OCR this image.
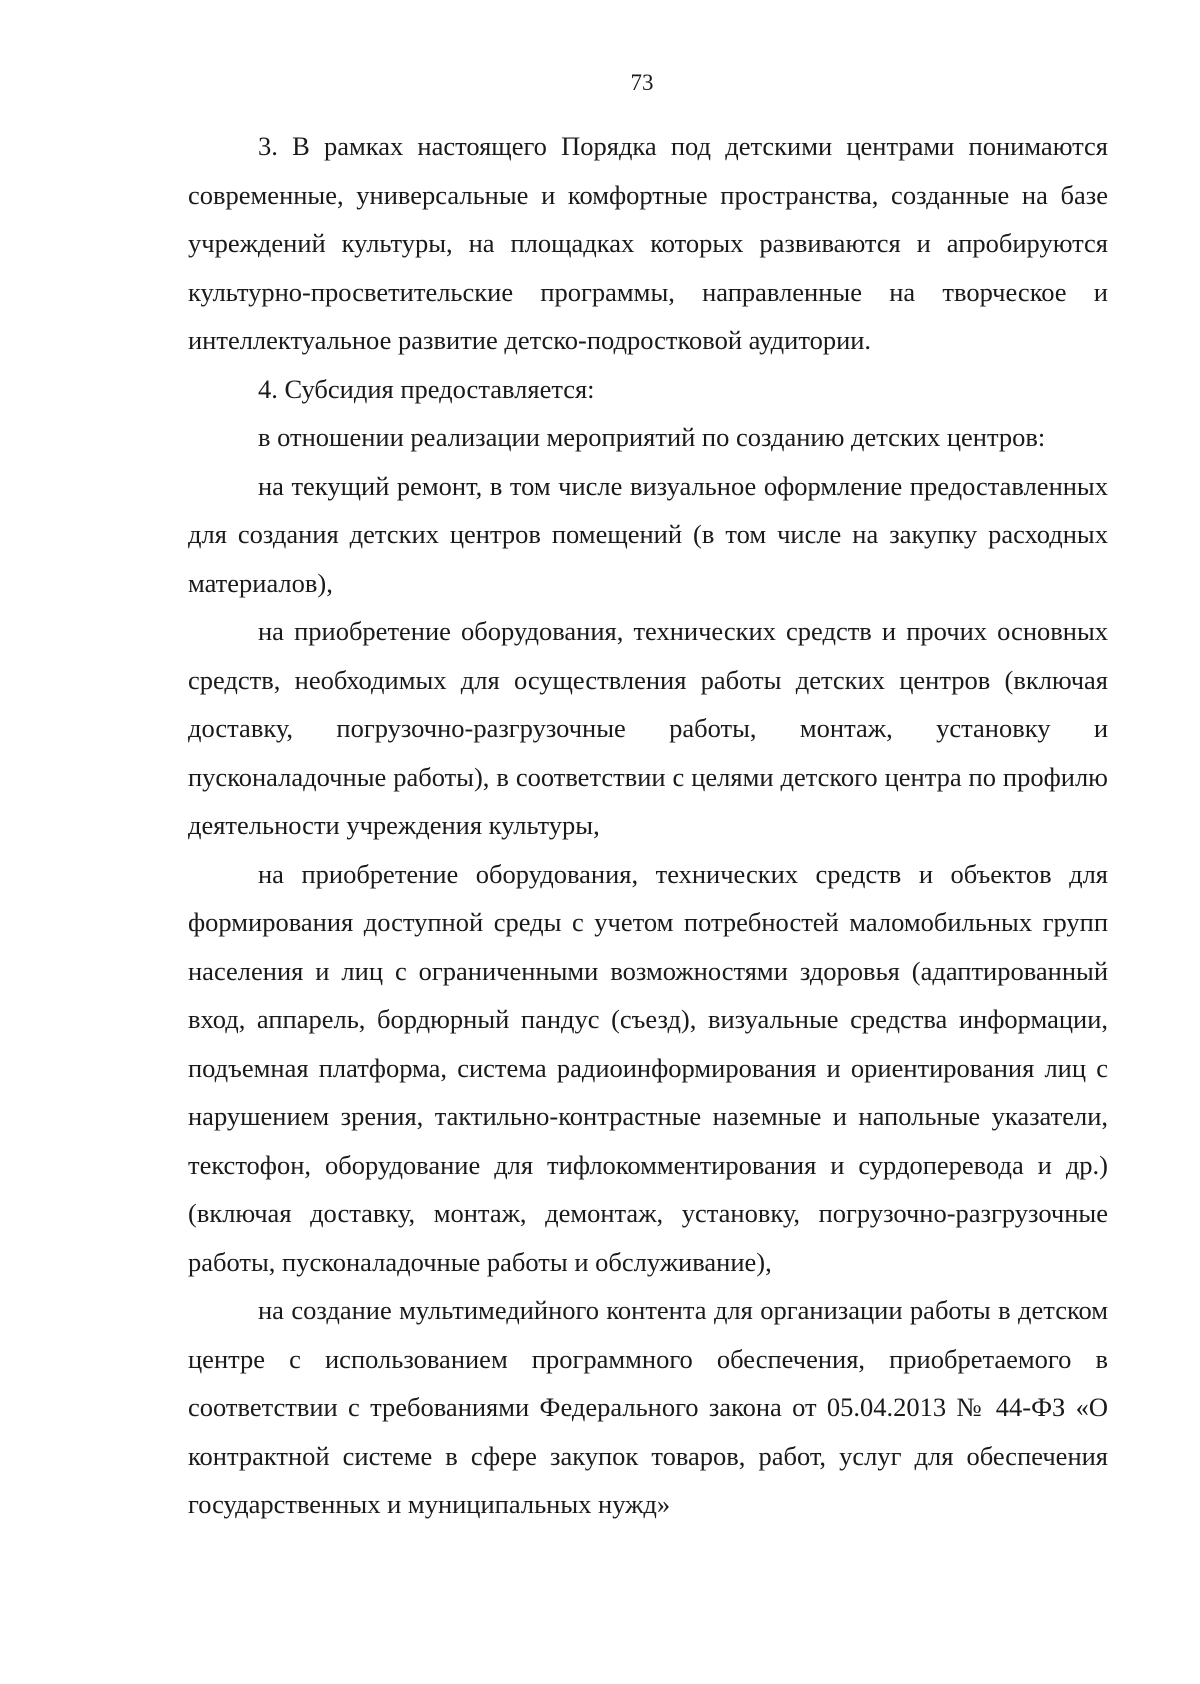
73

3. В рамках настоящего Порядка под детскими центрами понимаются современные, универсальные и комфортные пространства, созданные на базе учреждений культуры, на площадках которых развиваются и апробируются культурно-просветительские программы, направленные на творческое и интеллектуальное развитие детско-подростковой аудитории.

4. Субсидия предоставляется:

в отношении реализации мероприятий по созданию детских центров:

на текущий ремонт, в том числе визуальное оформление предоставленных для создания детских центров помещений (в том числе на закупку расходных материалов),

на приобретение оборудования, технических средств и прочих основных средств, необходимых для осуществления работы детских центров (включая доставку, погрузочно-разгрузочные работы, монтаж, установку и пусконаладочные работы), в соответствии с целями детского центра по профилю деятельности учреждения культуры,

на приобретение оборудования, технических средств и объектов для формирования доступной среды с учетом потребностей маломобильных групп населения и лиц с ограниченными возможностями здоровья (адаптированный вход, аппарель, бордюрный пандус (съезд), визуальные средства информации, подъемная платформа, система радиоинформирования и ориентирования лиц с нарушением зрения, тактильно-контрастные наземные и напольные указатели, текстофон, оборудование для тифлокомментирования и сурдоперевода и др.) (включая доставку, монтаж, демонтаж, установку, погрузочно-разгрузочные работы, пусконаладочные работы и обслуживание),

на создание мультимедийного контента для организации работы в детском центре с использованием программного обеспечения, приобретаемого в соответствии с требованиями Федерального закона от 05.04.2013 № 44-ФЗ «О контрактной системе в сфере закупок товаров, работ, услуг для обеспечения государственных и муниципальных нужд»
